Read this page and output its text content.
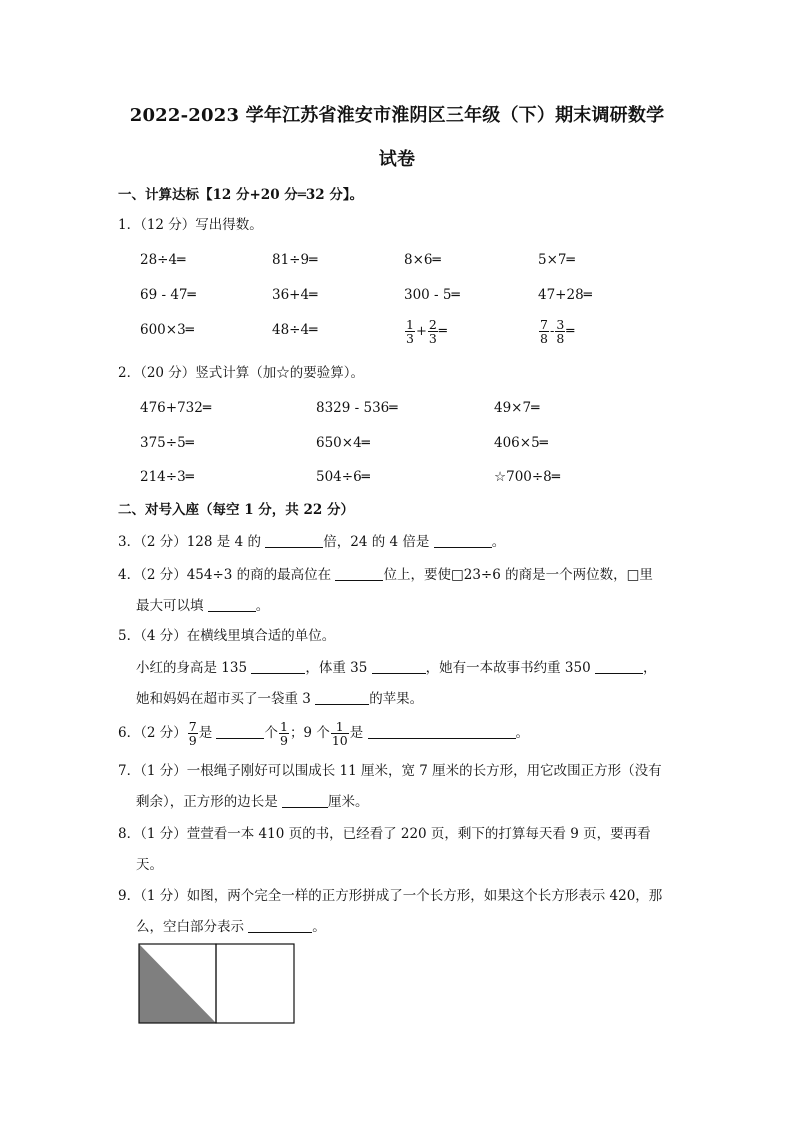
2022-2023 学年江苏省淮安市淮阴区三年级（下）期末调研数学
试卷
一、计算达标【12 分+20 分═32 分】。
1．（12 分）写出得数。
28÷4═	81÷9═	8×6═	5×7═
69 - 47═	36+4═	300 - 5═	47+28═
600×3═	48÷4═	$\frac{1}{3} + \frac{2}{3}$ ═	$\frac{7}{8} - \frac{3}{8}$ ═
2．（20 分）竖式计算（加☆的要验算）。
476+732═	8329 - 536═	49×7═
375÷5═	650×4═	406×5═
214÷3═	504÷6═	☆700÷8═
二、对号入座（每空 1 分，共 22 分）
3．（2 分）128 是 4 的	倍，24 的 4 倍是	。
4．（2 分）454÷3 的商的最高位在	位上，要使□23÷6 的商是一个两位数，□里
最大可以填	。
5．（4 分）在横线里填合适的单位。
小红的身高是 135	，体重 35	，她有一本故事书约重 350	，
她和妈妈在超市买了一袋重 3	的苹果。
6．（2 分） $\frac{7}{9}$ 是	个 $\frac{1}{9}$ ；9 个 $\frac{1}{10}$ 是	。
7．（1 分）一根绳子刚好可以围成长 11 厘米，宽 7 厘米的长方形，用它改围正方形（没有
剩余），正方形的边长是	厘米。
8．（1 分）萱萱看一本 410 页的书，已经看了 220 页，剩下的打算每天看 9 页，要再看
天。
9．（1 分）如图，两个完全一样的正方形拼成了一个长方形，如果这个长方形表示 420，那
么，空白部分表示	。
